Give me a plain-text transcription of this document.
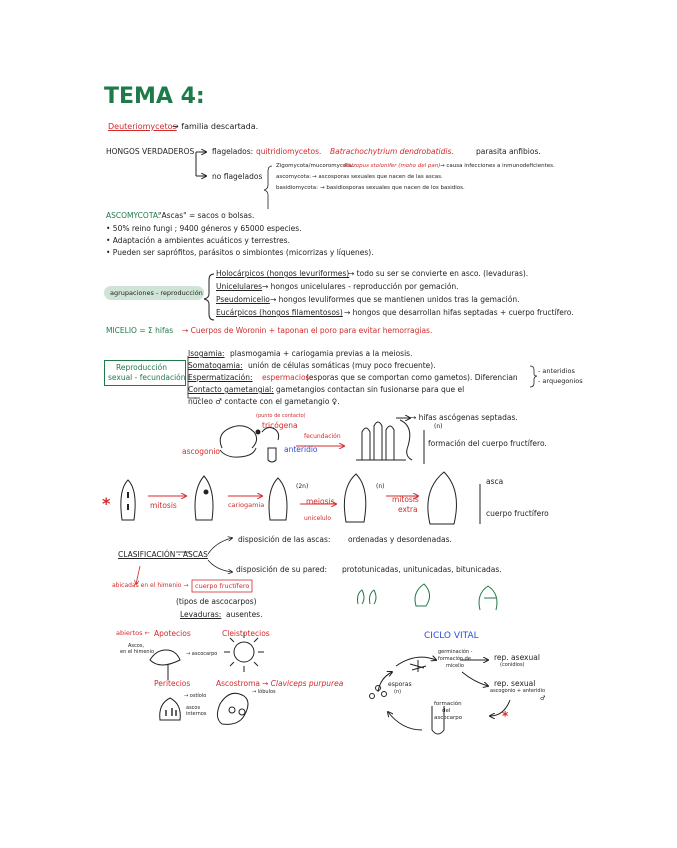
TEMA 4:
Deuteriomycetos
→ familia descartada.
HONGOS VERDADEROS flagelados: quitridiomycetos. Batrachochytrium dendrobatidis.	parasita anfibios.
no flagelados
Zigomycota/mucoromycota:
Rhizopus stolonifer (moho del pan) → causa infecciones a inmunodeficientes.
ascomycota: → ascosporas sexuales que nacen de las ascas.
basidiomycota: → basidiosporas sexuales que nacen de los basidios.
ASCOMYCOTA:
"Ascas" = sacos o bolsas.
• 50% reino fungi ; 9400 géneros y 65000 especies.
• Adaptación a ambientes acuáticos y terrestres.
• Pueden ser saprófitos, parásitos o simbiontes (micorrizas y líquenes).
agrupaciones - reproducción
Holocárpicos (hongos levuriformes)
→ todo su ser se convierte en asco. (levaduras).
Unicelulares → hongos unicelulares - reproducción por gemación.
Pseudomicelio → hongos levuliformes que se mantienen unidos tras la gemación.
Eucárpicos (hongos filamentosos) → hongos que desarrollan hifas septadas + cuerpo fructífero.
MICELIO = Σ hifas → Cuerpos de Woronin + taponan el poro para evitar hemorragias.
Reproducción
sexual - fecundación
Isogamia: plasmogamia + cariogamia previas a la meiosis.
Somatogamia: unión de células somáticas (muy poco frecuente).
Espermatización: espermacios
(esporas que se comportan como gametos). Diferencian
- anteridios
- arquegonios
Contacto gametangial: gametangios contactan sin fusionarse para que el
núcleo ♂ contacte con el gametangio ♀.
(punto de contacto)
tricógena
ascogonio
fecundación
anteridio
→ hifas ascógenas septadas.
(n)
formación del cuerpo fructífero.
*	mitosis	cariogamia
(2n)
meiosis
unicelulo
(n)
mitosis
extra
asca
cuerpo fructífero
CLASIFICACIÓN - ASCAS
disposición de las ascas: ordenadas y desordenadas.
disposición de su pared: prototunicadas, unitunicadas, bitunicadas.
abicadas en el himenio → cuerpo fructífero
(tipos de ascocarpos)
Levaduras: ausentes.
abiertos ← Apotecios	Cleistotecios
Ascos,
en el himenio	→ ascocarpo
Peritecios	Ascostroma → Claviceps purpurea
→ ostíolo
ascos
internos
→ lóbulos
CICLO VITAL
germinación -
formación de
micelio
rep. asexual
(conidios)
rep. sexual
ascogonio + anteridio
♂
*
esporas
(n)
formación
del
ascocarpo
